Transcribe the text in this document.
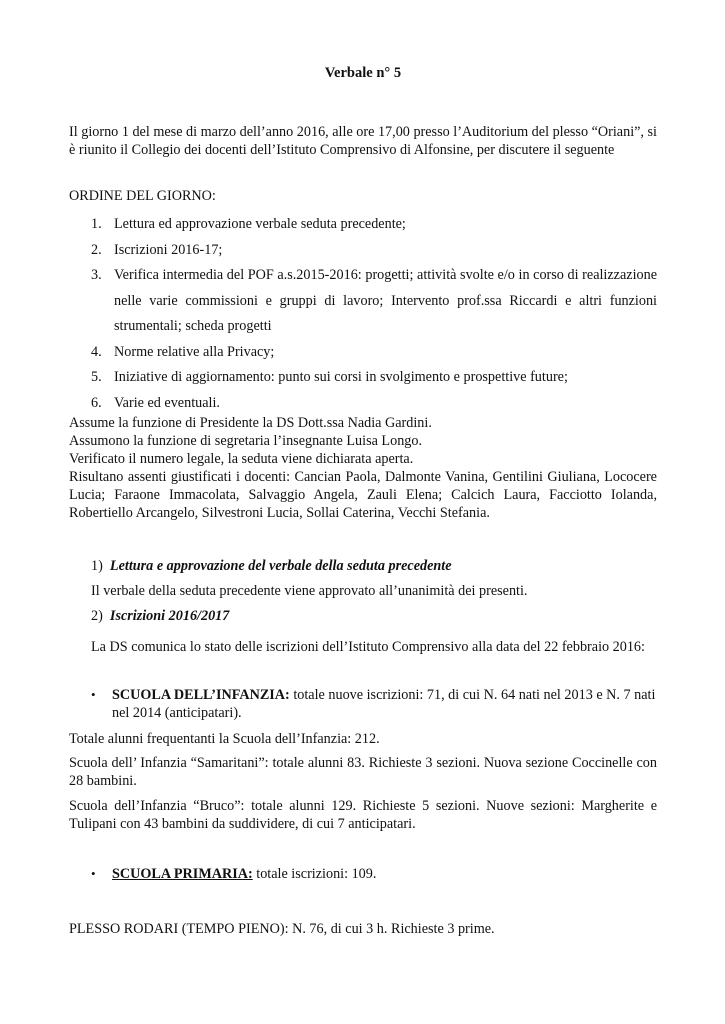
Verbale n° 5
Il giorno 1 del mese di marzo dell’anno 2016, alle ore 17,00 presso l’Auditorium del plesso “Oriani”, si è riunito il Collegio dei docenti dell’Istituto Comprensivo di Alfonsine, per discutere il seguente
ORDINE DEL GIORNO:
1. Lettura ed approvazione verbale seduta precedente;
2. Iscrizioni 2016-17;
3. Verifica intermedia del POF a.s.2015-2016: progetti; attività svolte e/o in corso di realizzazione nelle varie commissioni e gruppi di lavoro; Intervento prof.ssa Riccardi e altri funzioni strumentali; scheda progetti
4. Norme relative alla Privacy;
5. Iniziative di aggiornamento: punto sui corsi in svolgimento e prospettive future;
6. Varie ed eventuali.
Assume la funzione di Presidente la DS Dott.ssa Nadia Gardini.
Assumono la funzione di segretaria l’insegnante Luisa Longo.
Verificato il numero legale, la seduta viene dichiarata aperta.
Risultano assenti giustificati i docenti: Cancian Paola, Dalmonte Vanina, Gentilini Giuliana, Lococere Lucia; Faraone Immacolata, Salvaggio Angela, Zauli Elena; Calcich Laura, Facciotto Iolanda, Robertiello Arcangelo, Silvestroni Lucia, Sollai Caterina, Vecchi Stefania.
1) Lettura e approvazione del verbale della seduta precedente
Il verbale della seduta precedente viene approvato all’unanimità dei presenti.
2) Iscrizioni 2016/2017
La DS comunica lo stato delle iscrizioni dell’Istituto Comprensivo alla data del 22 febbraio 2016:
•	SCUOLA DELL’INFANZIA: totale nuove iscrizioni: 71, di cui N. 64 nati nel 2013 e N. 7 nati nel 2014 (anticipatari).
Totale alunni frequentanti la Scuola dell’Infanzia: 212.
Scuola dell’ Infanzia “Samaritani”: totale alunni 83. Richieste 3 sezioni. Nuova sezione Coccinelle con 28 bambini.
Scuola dell’Infanzia “Bruco”: totale alunni 129. Richieste 5 sezioni. Nuove sezioni: Margherite e Tulipani con 43 bambini da suddividere, di cui 7 anticipatari.
•	SCUOLA PRIMARIA: totale iscrizioni: 109.
PLESSO RODARI (TEMPO PIENO): N. 76, di cui 3 h. Richieste 3 prime.
